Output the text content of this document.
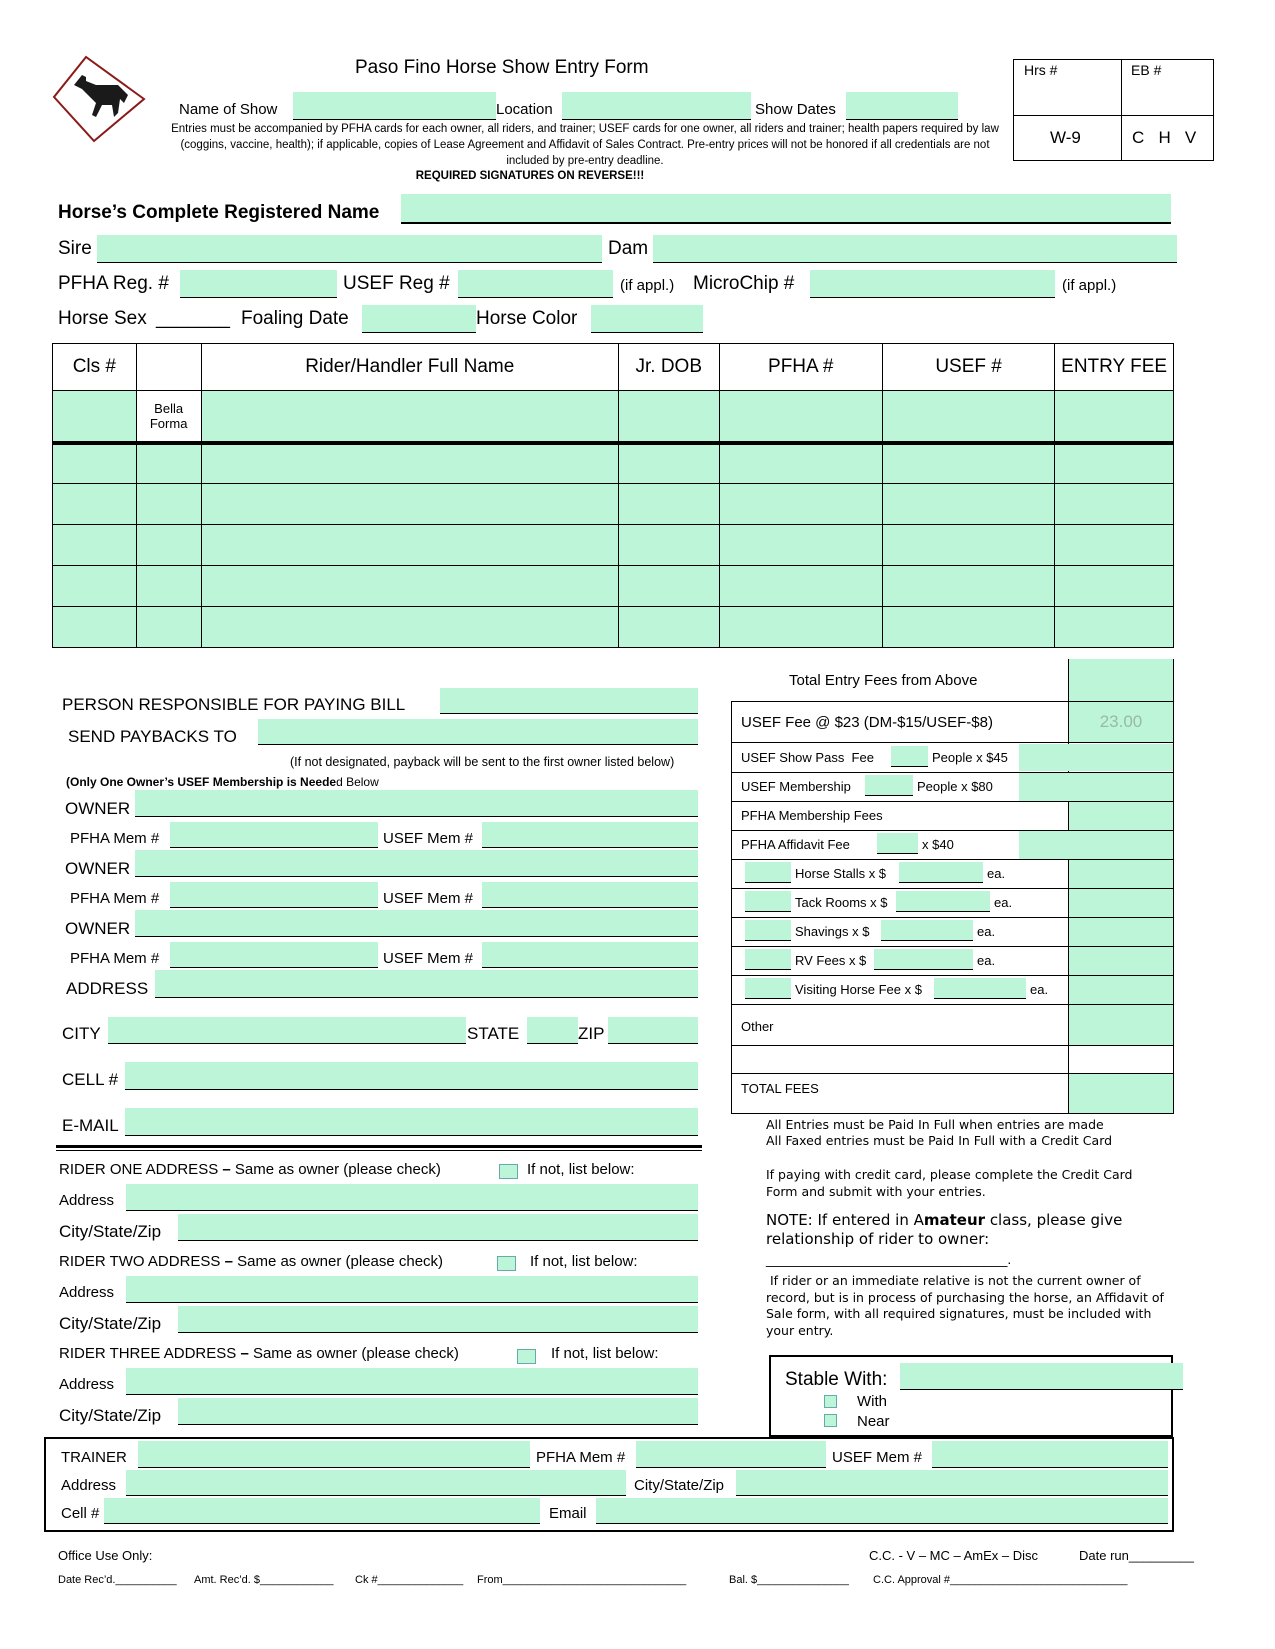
Paso Fino Horse Show Entry Form
Name of Show	Location	Show Dates
Entries must be accompanied by PFHA cards for each owner, all riders, and trainer; USEF cards for one owner, all riders and trainer; health papers required by law (coggins, vaccine, health); if applicable, copies of Lease Agreement and Affidavit of Sales Contract. Pre-entry prices will not be honored if all credentials are not included by pre-entry deadline.
REQUIRED SIGNATURES ON REVERSE!!!
Hrs #	EB #
W-9	C   H   V
Horse’s Complete Registered Name
Sire	Dam
PFHA Reg. #	USEF Reg #	(if appl.) MicroChip #	(if appl.)
Horse Sex _______ Foaling Date	Horse Color
Cls #		Rider/Handler Full Name	Jr. DOB	PFHA #	USEF #	ENTRY FEE
	Bella Forma					

PERSON RESPONSIBLE FOR PAYING BILL
SEND PAYBACKS TO
(If not designated, payback will be sent to the first owner listed below)
(Only One Owner’s USEF Membership is Needed Below
OWNER
PFHA Mem #	USEF Mem #
OWNER
PFHA Mem #	USEF Mem #
OWNER
PFHA Mem #	USEF Mem #
ADDRESS
CITY	STATE	ZIP
CELL #
E-MAIL
RIDER ONE ADDRESS – Same as owner (please check)	If not, list below:
Address
City/State/Zip
RIDER TWO ADDRESS – Same as owner (please check)	If not, list below:
Address
City/State/Zip
RIDER THREE ADDRESS – Same as owner (please check)	If not, list below:
Address
City/State/Zip
Total Entry Fees from Above
USEF Fee @ $23 (DM-$15/USEF-$8)	23.00
USEF Show Pass  Fee	People x $45
USEF Membership	People x $80
PFHA Membership Fees
PFHA Affidavit Fee	x $40
Horse Stalls x $	ea.
Tack Rooms x $	ea.
Shavings x $	ea.
RV Fees x $	ea.
Visiting Horse Fee x $	ea.
Other
TOTAL FEES
All Entries must be Paid In Full when entries are made
All Faxed entries must be Paid In Full with a Credit Card
If paying with credit card, please complete the Credit Card Form and submit with your entries.
NOTE: If entered in Amateur class, please give relationship of rider to owner:
_______________________________.
If rider or an immediate relative is not the current owner of record, but is in process of purchasing the horse, an Affidavit of Sale form, with all required signatures, must be included with your entry.
Stable With:
With
Near
TRAINER	PFHA Mem #	USEF Mem #
Address	City/State/Zip
Cell #	Email
Office Use Only:	C.C. - V – MC – AmEx – Disc	Date run_________
Date Rec’d.__________ Amt. Rec’d. $____________ Ck #______________ From______________________________	Bal. $_______________ C.C. Approval #_____________________________
